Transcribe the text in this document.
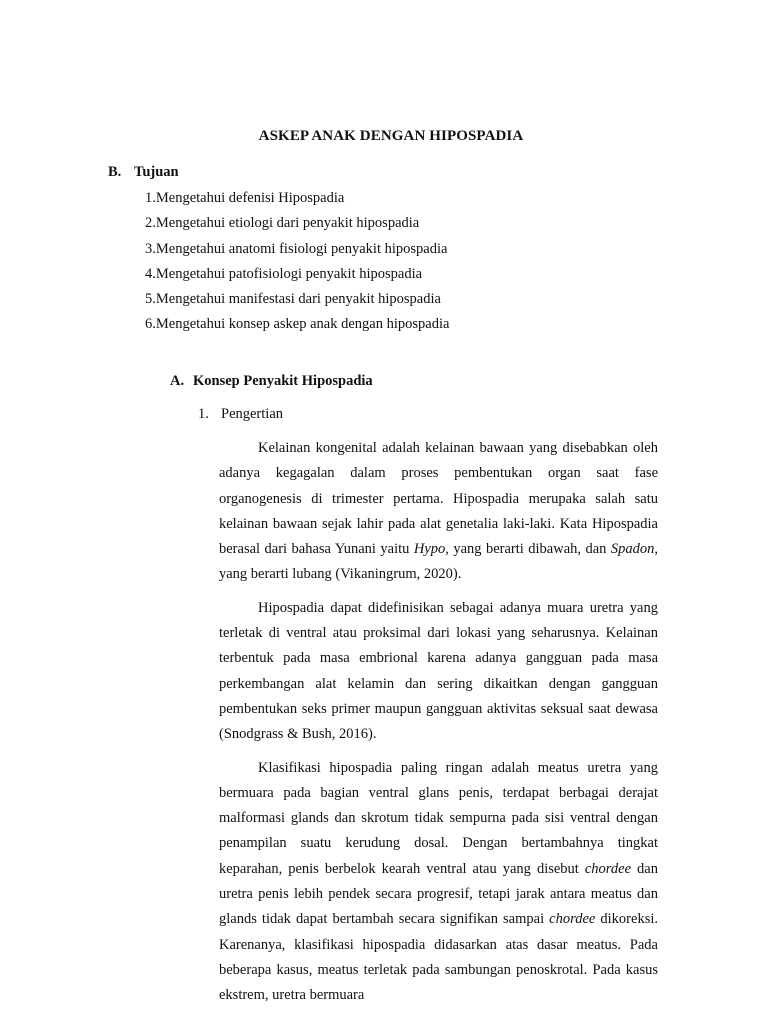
ASKEP ANAK DENGAN HIPOSPADIA
B. Tujuan
1.Mengetahui defenisi Hipospadia
2.Mengetahui etiologi dari penyakit hipospadia
3.Mengetahui anatomi fisiologi penyakit hipospadia
4.Mengetahui patofisiologi penyakit hipospadia
5.Mengetahui manifestasi dari penyakit hipospadia
6.Mengetahui konsep askep anak dengan hipospadia
A. Konsep Penyakit Hipospadia
1. Pengertian

Kelainan kongenital adalah kelainan bawaan yang disebabkan oleh adanya kegagalan dalam proses pembentukan organ saat fase organogenesis di trimester pertama. Hipospadia merupaka salah satu kelainan bawaan sejak lahir pada alat genetalia laki-laki. Kata Hipospadia berasal dari bahasa Yunani yaitu Hypo, yang berarti dibawah, dan Spadon, yang berarti lubang (Vikaningrum, 2020).

Hipospadia dapat didefinisikan sebagai adanya muara uretra yang terletak di ventral atau proksimal dari lokasi yang seharusnya. Kelainan terbentuk pada masa embrional karena adanya gangguan pada masa perkembangan alat kelamin dan sering dikaitkan dengan gangguan pembentukan seks primer maupun gangguan aktivitas seksual saat dewasa (Snodgrass & Bush, 2016).

Klasifikasi hipospadia paling ringan adalah meatus uretra yang bermuara pada bagian ventral glans penis, terdapat berbagai derajat malformasi glands dan skrotum tidak sempurna pada sisi ventral dengan penampilan suatu kerudung dosal. Dengan bertambahnya tingkat keparahan, penis berbelok kearah ventral atau yang disebut chordee dan uretra penis lebih pendek secara progresif, tetapi jarak antara meatus dan glands tidak dapat bertambah secara signifikan sampai chordee dikoreksi. Karenanya, klasifikasi hipospadia didasarkan atas dasar meatus. Pada beberapa kasus, meatus terletak pada sambungan penoskrotal. Pada kasus ekstrem, uretra bermuara
